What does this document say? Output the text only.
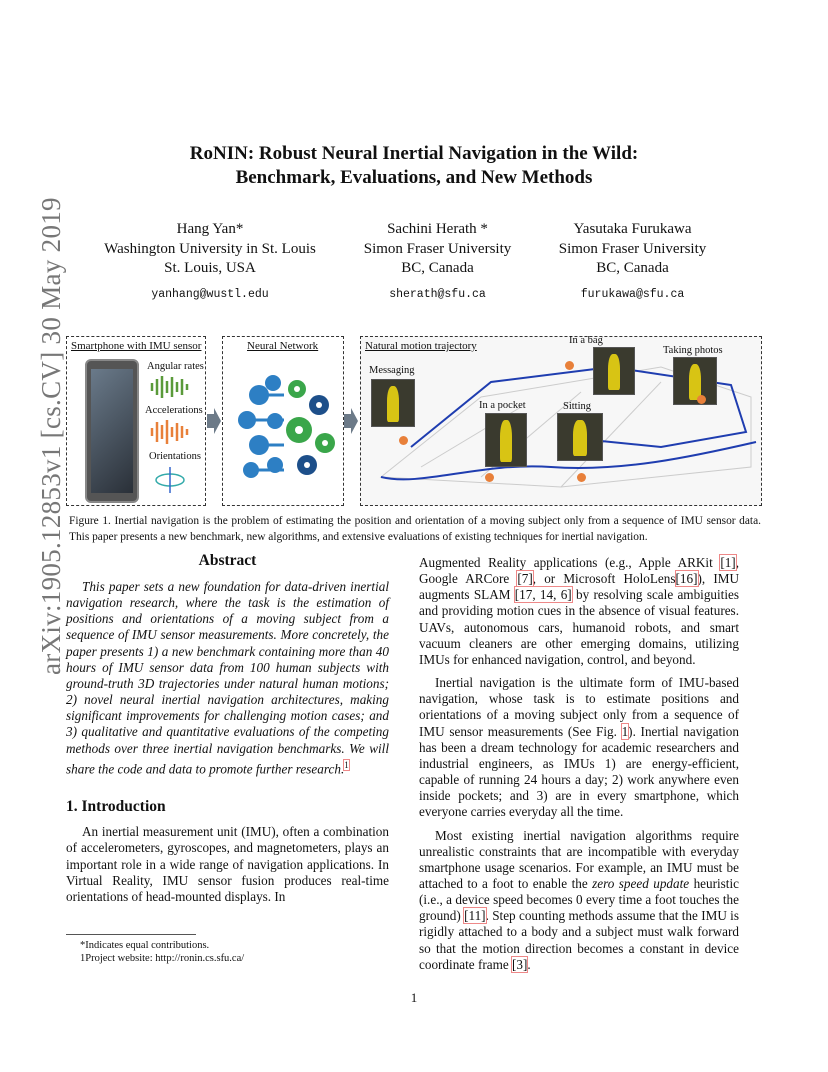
arXiv:1905.12853v1 [cs.CV] 30 May 2019
RoNIN: Robust Neural Inertial Navigation in the Wild:
Benchmark, Evaluations, and New Methods
Hang Yan*
Washington University in St. Louis
St. Louis, USA
yanhang@wustl.edu
Sachini Herath *
Simon Fraser University
BC, Canada
sherath@sfu.ca
Yasutaka Furukawa
Simon Fraser University
BC, Canada
furukawa@sfu.ca
Smartphone with IMU sensor
Angular rates
Accelerations
Orientations
Neural Network	Natural motion trajectory
Messaging
In a pocket	Sitting
In a bag
Taking photos
Figure 1. Inertial navigation is the problem of estimating the position and orientation of a moving subject only from a sequence of IMU sensor data. This paper presents a new benchmark, new algorithms, and extensive evaluations of existing techniques for inertial navigation.
Abstract
This paper sets a new foundation for data-driven inertial navigation research, where the task is the estimation of positions and orientations of a moving subject from a sequence of IMU sensor measurements. More concretely, the paper presents 1) a new benchmark containing more than 40 hours of IMU sensor data from 100 human subjects with ground-truth 3D trajectories under natural human motions; 2) novel neural inertial navigation architectures, making significant improvements for challenging motion cases; and 3) qualitative and quantitative evaluations of the competing methods over three inertial navigation benchmarks. We will share the code and data to promote further research.$^1$
1. Introduction
An inertial measurement unit (IMU), often a combination of accelerometers, gyroscopes, and magnetometers, plays an important role in a wide range of navigation applications. In Virtual Reality, IMU sensor fusion produces real-time orientations of head-mounted displays. In
*Indicates equal contributions.
1Project website: http://ronin.cs.sfu.ca/

Augmented Reality applications (e.g., Apple ARKit [1], Google ARCore [7], or Microsoft HoloLens[16]), IMU augments SLAM [17, 14, 6] by resolving scale ambiguities and providing motion cues in the absence of visual features. UAVs, autonomous cars, humanoid robots, and smart vacuum cleaners are other emerging domains, utilizing IMUs for enhanced navigation, control, and beyond.

Inertial navigation is the ultimate form of IMU-based navigation, whose task is to estimate positions and orientations of a moving subject only from a sequence of IMU sensor measurements (See Fig. 1). Inertial navigation has been a dream technology for academic researchers and industrial engineers, as IMUs 1) are energy-efficient, capable of running 24 hours a day; 2) work anywhere even inside pockets; and 3) are in every smartphone, which everyone carries everyday all the time.

Most existing inertial navigation algorithms require unrealistic constraints that are incompatible with everyday smartphone usage scenarios. For example, an IMU must be attached to a foot to enable the zero speed update heuristic (i.e., a device speed becomes 0 every time a foot touches the ground) [11]. Step counting methods assume that the IMU is rigidly attached to a body and a subject must walk forward so that the motion direction becomes a constant in device coordinate frame [3].

1
